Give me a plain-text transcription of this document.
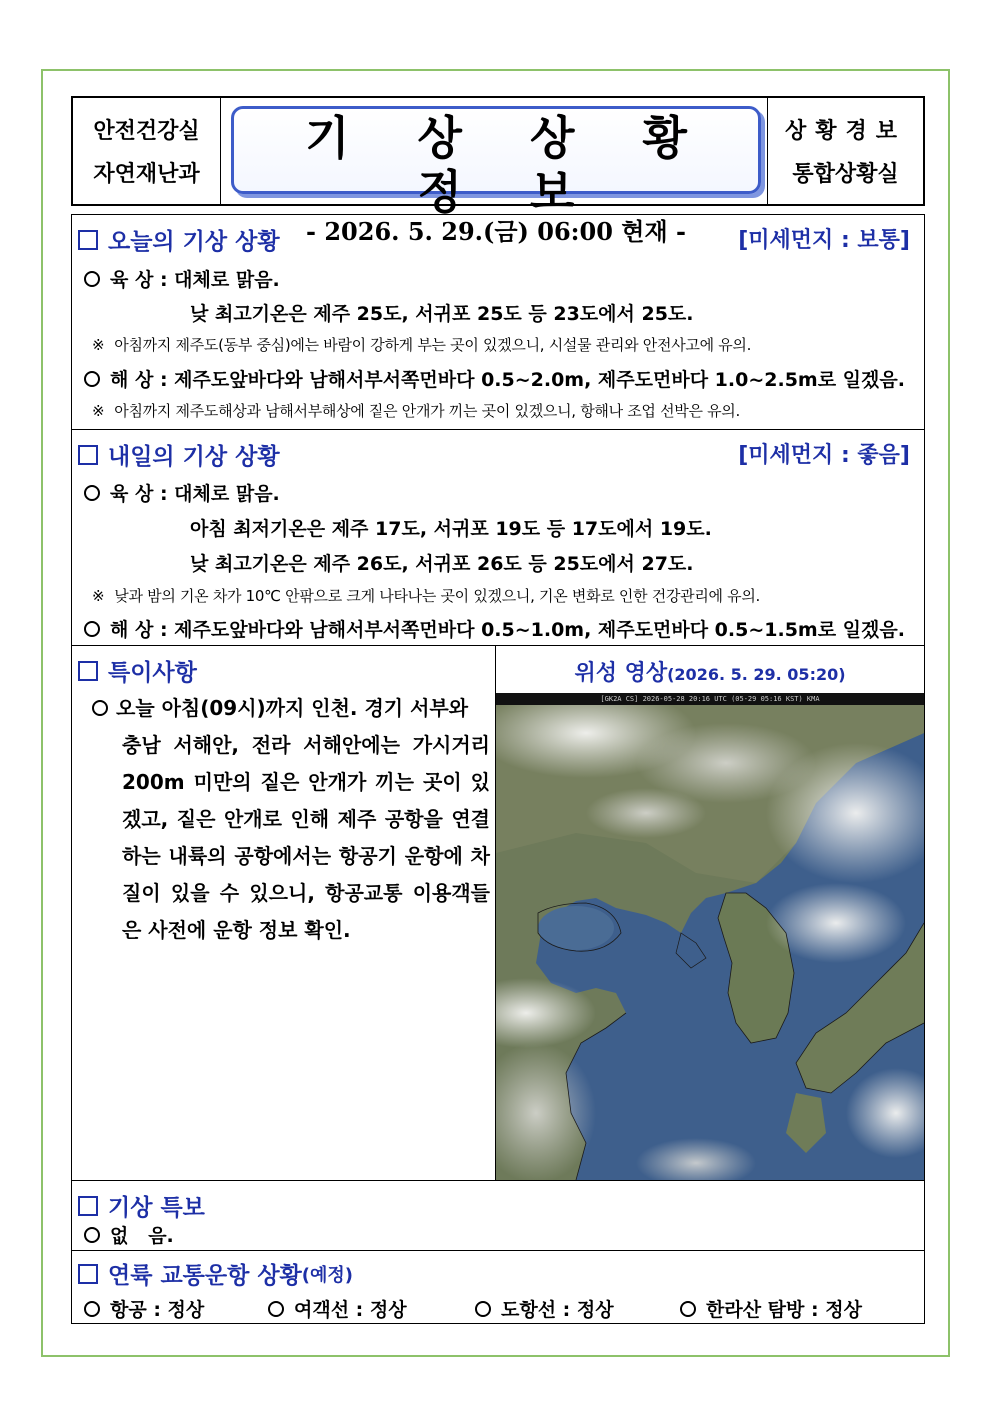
안전건강실
자연재난과
기 상 상 황 정 보
- 2026. 5. 29.(금) 06:00 현재 -
상황경보
통합상황실
오늘의 기상 상황	[미세먼지 : 보통]
육 상 : 대체로 맑음.
낮 최고기온은 제주 25도, 서귀포 25도 등 23도에서 25도.
※ 아침까지 제주도(동부 중심)에는 바람이 강하게 부는 곳이 있겠으니, 시설물 관리와 안전사고에 유의.
해 상 : 제주도앞바다와 남해서부서쪽먼바다 0.5~2.0m, 제주도먼바다 1.0~2.5m로 일겠음.
※ 아침까지 제주도해상과 남해서부해상에 짙은 안개가 끼는 곳이 있겠으니, 항해나 조업 선박은 유의.
내일의 기상 상황	[미세먼지 : 좋음]
육 상 : 대체로 맑음.
아침 최저기온은 제주 17도, 서귀포 19도 등 17도에서 19도.
낮 최고기온은 제주 26도, 서귀포 26도 등 25도에서 27도.
※ 낮과 밤의 기온 차가 10℃ 안팎으로 크게 나타나는 곳이 있겠으니, 기온 변화로 인한 건강관리에 유의.
해 상 : 제주도앞바다와 남해서부서쪽먼바다 0.5~1.0m, 제주도먼바다 0.5~1.5m로 일겠음.
특이사항
오늘 아침(09시)까지 인천. 경기 서부와
충남 서해안, 전라 서해안에는 가시거리 200m 미만의 짙은 안개가 끼는 곳이 있겠고, 짙은 안개로 인해 제주 공항을 연결하는 내륙의 공항에서는 항공기 운항에 차질이 있을 수 있으니, 항공교통 이용객들은 사전에 운항 정보 확인.
위성 영상(2026. 5. 29. 05:20)
[GK2A CS] 2026-05-28 20:16 UTC (05-29 05:16 KST) KMA
기상 특보
없   음.
연륙 교통운항 상황 (예정)
항공 : 정상	여객선 : 정상	도항선 : 정상	한라산 탐방 : 정상
